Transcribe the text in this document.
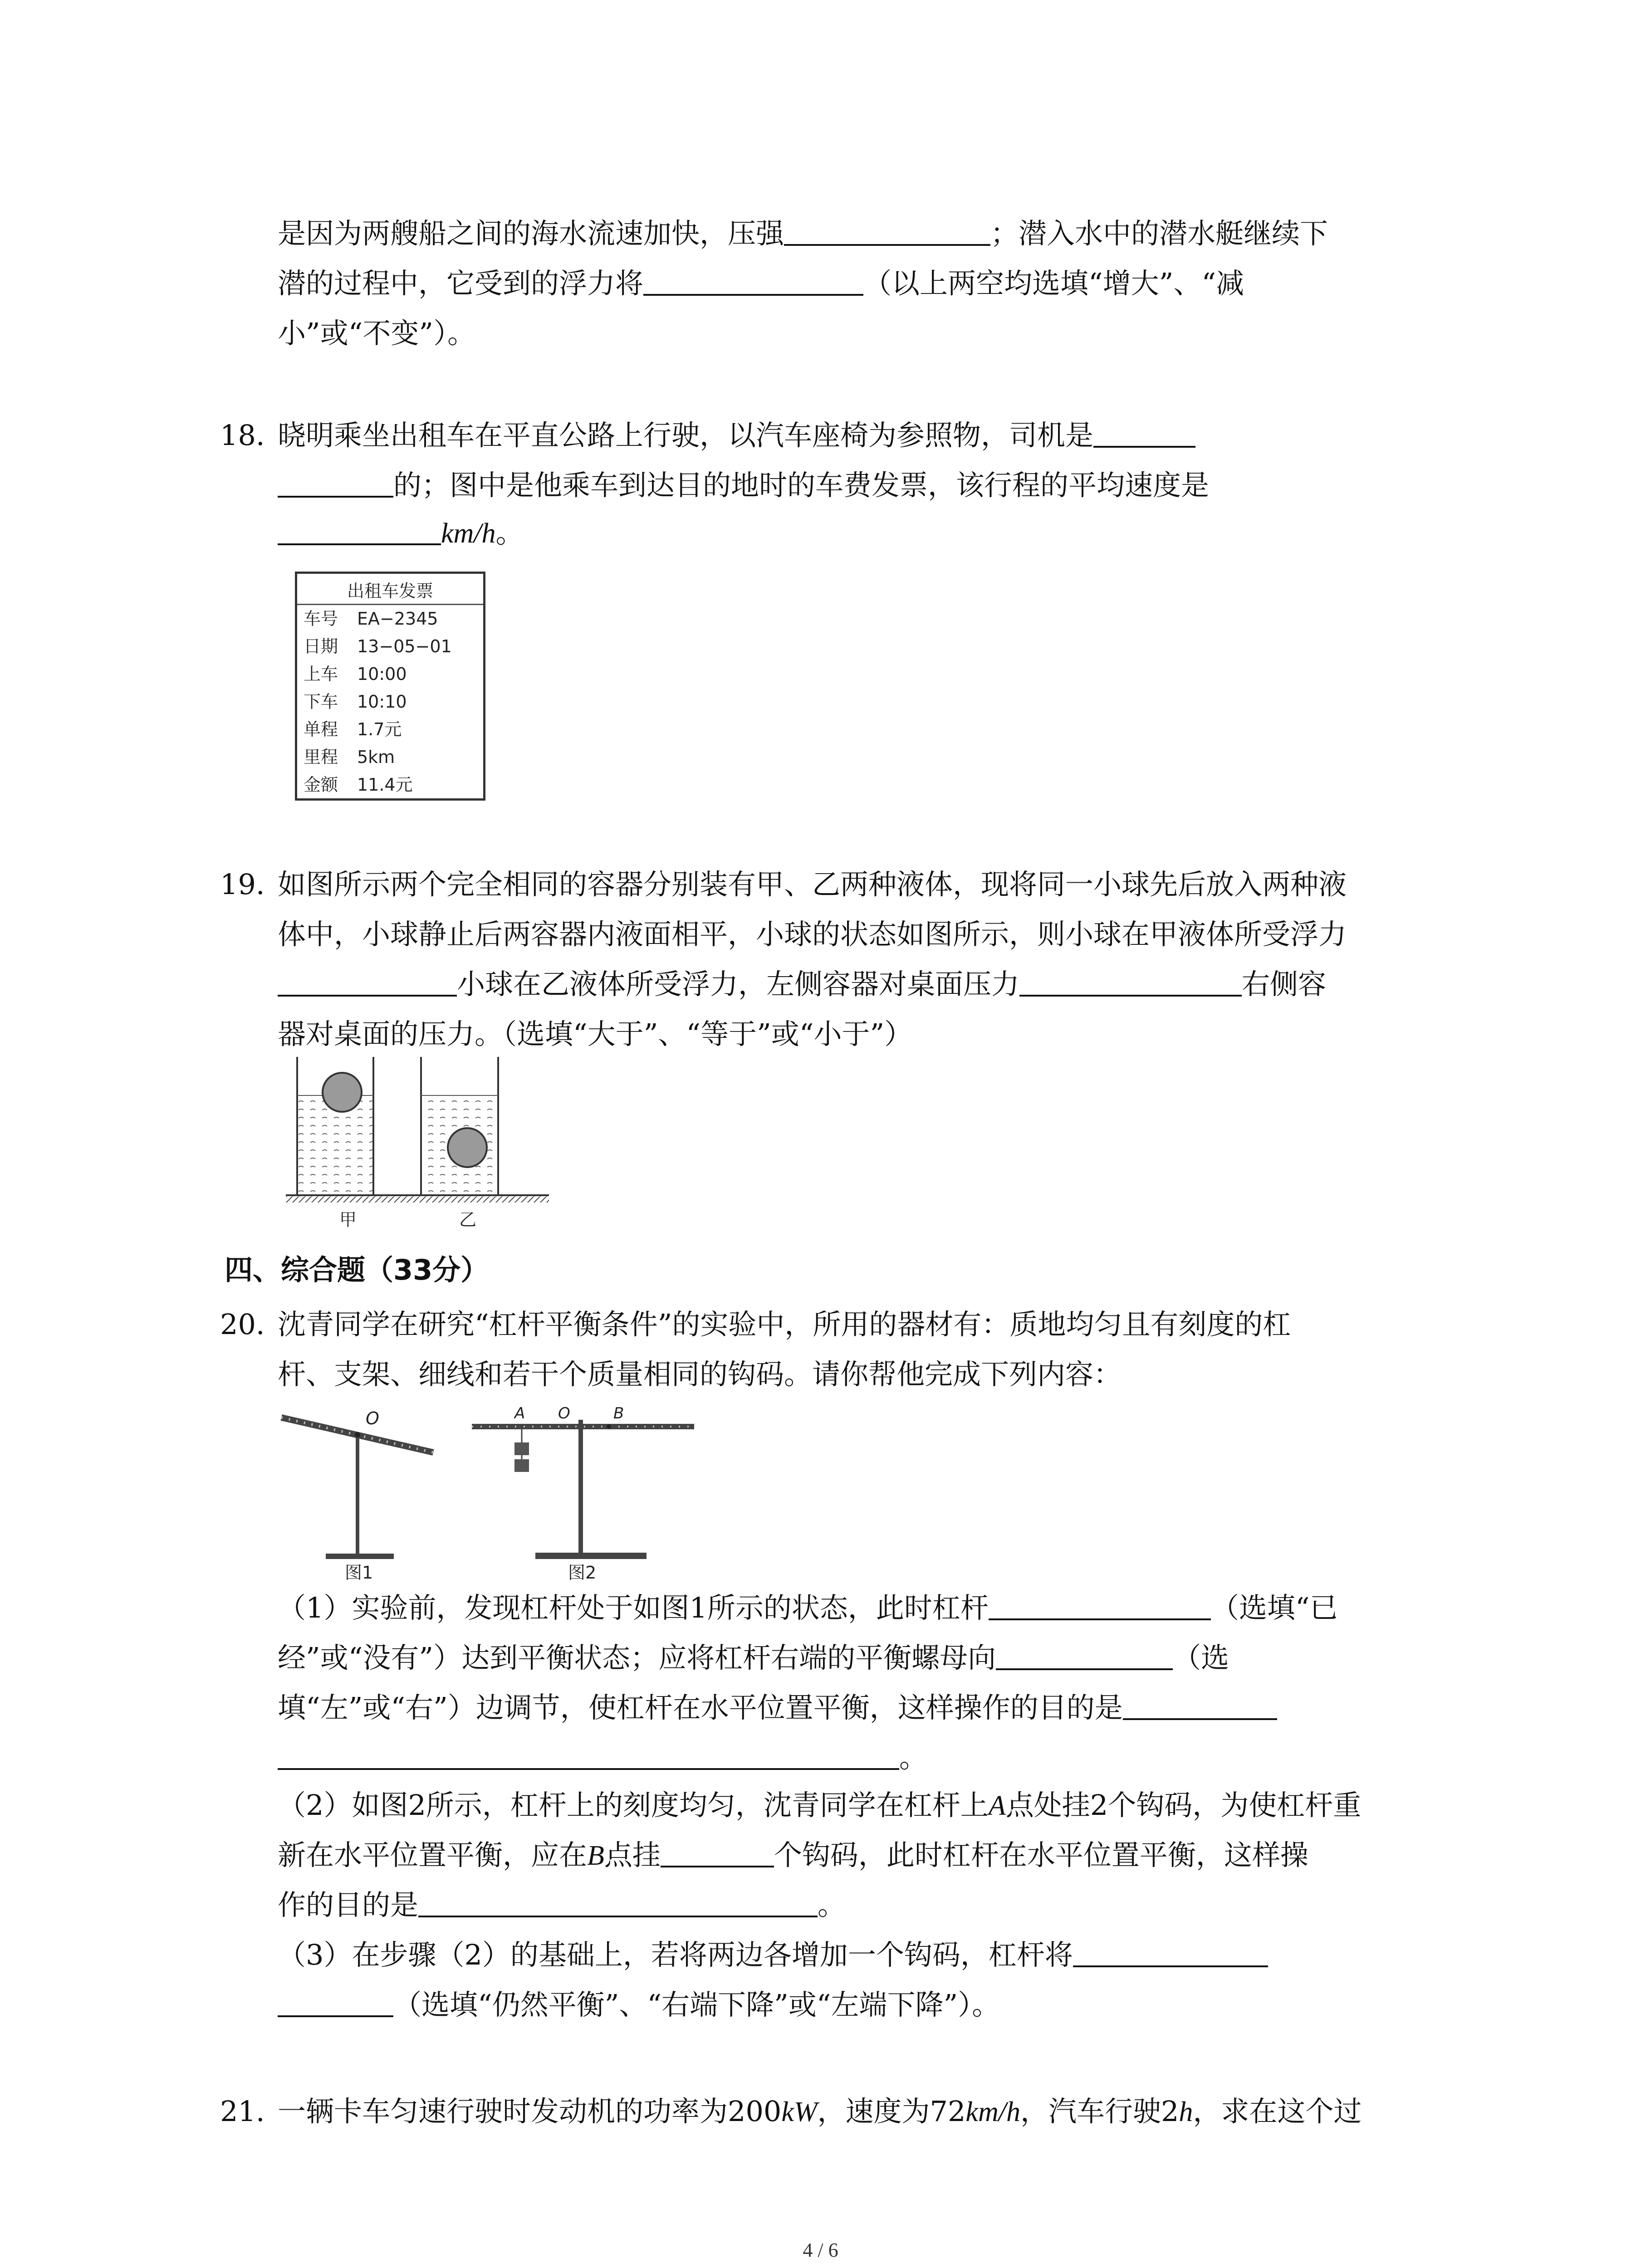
是因为两艘船之间的海水流速加快，压强	；潜入水中的潜水艇继续下
潜的过程中，它受到的浮力将	（以上两空均选填“增大”、“减
小”或“不变”）。
18. 晓明乘坐出租车在平直公路上行驶，以汽车座椅为参照物，司机是
的；图中是他乘车到达目的地时的车费发票，该行程的平均速度是
km/h。
出租车发票
车号	EA−2345
日期	13−05−01
上车	10:00
下车	10:10
单程	1.7元
里程	5km
金额	11.4元
19. 如图所示两个完全相同的容器分别装有甲、乙两种液体，现将同一小球先后放入两种液
体中，小球静止后两容器内液面相平，小球的状态如图所示，则小球在甲液体所受浮力
小球在乙液体所受浮力，左侧容器对桌面压力	右侧容
器对桌面的压力。（选填“大于”、“等于”或“小于”）
甲	乙
四、综合题（33分）
20. 沈青同学在研究“杠杆平衡条件”的实验中，所用的器材有：质地均匀且有刻度的杠
杆、支架、细线和若干个质量相同的钩码。请你帮他完成下列内容：
O
图1
A O	B
图2
（1）实验前，发现杠杆处于如图1所示的状态，此时杠杆	（选填“已
经”或“没有”）达到平衡状态；应将杠杆右端的平衡螺母向	（选
填“左”或“右”）边调节，使杠杆在水平位置平衡，这样操作的目的是
。
（2）如图2所示，杠杆上的刻度均匀，沈青同学在杠杆上A点处挂2个钩码，为使杠杆重
新在水平位置平衡，应在B点挂	个钩码，此时杠杆在水平位置平衡，这样操
作的目的是	。
（3）在步骤（2）的基础上，若将两边各增加一个钩码，杠杆将
（选填“仍然平衡”、“右端下降”或“左端下降”）。
21. 一辆卡车匀速行驶时发动机的功率为200kW，速度为72km/h，汽车行驶2h，求在这个过
4 / 6
